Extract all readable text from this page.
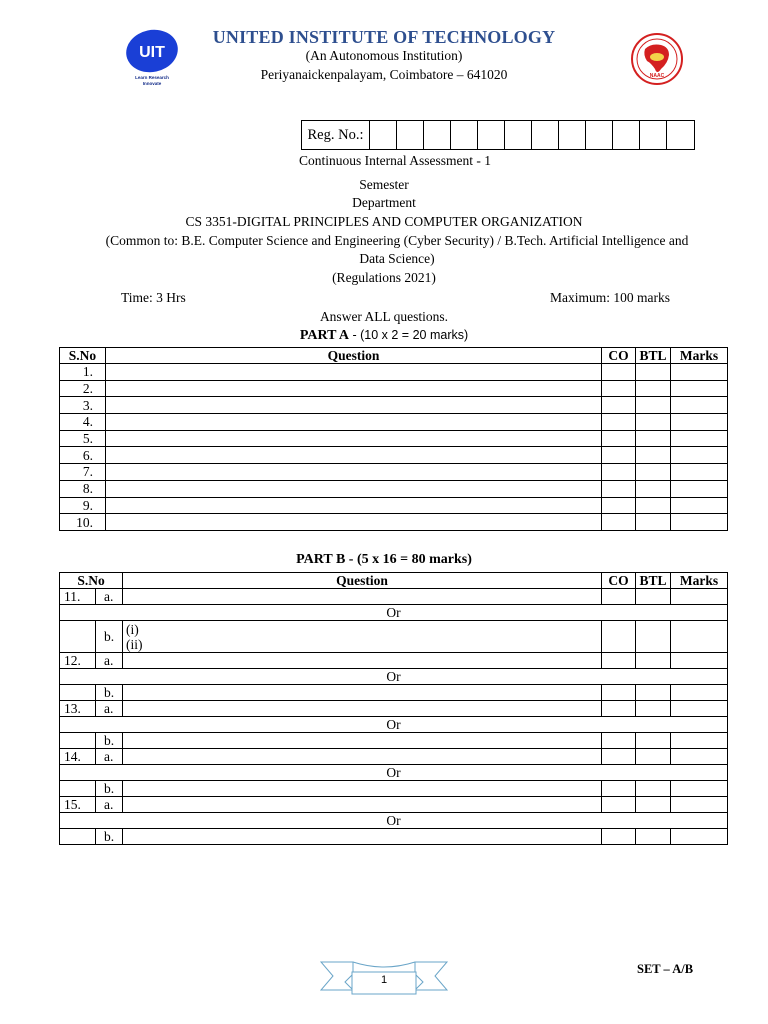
UIT
Learn Research
Innovate
UNITED INSTITUTE OF TECHNOLOGY
(An Autonomous Institution)
Periyanaickenpalayam, Coimbatore – 641020	NAAC
Reg. No.:
Continuous Internal Assessment - 1
Semester
Department
CS 3351-DIGITAL PRINCIPLES AND COMPUTER ORGANIZATION
(Common to: B.E. Computer Science and Engineering (Cyber Security) / B.Tech. Artificial Intelligence and Data Science)
(Regulations 2021)
Time: 3 Hrs	Maximum: 100 marks
Answer ALL questions.
PART A - (10 x 2 = 20 marks)
S.No	Question	CO	BTL	Marks
1.				
2.				
3.				
4.				
5.				
6.				
7.				
8.				
9.				
10.				
PART B - (5 x 16 = 80 marks)
S.No		Question	CO	BTL	Marks
11.	a.				
Or					
	b.	(i)
(ii)			
12.	a.				
Or					
	b.				
13.	a.				
Or					
	b.				
14.	a.				
Or					
	b.				
15.	a.				
Or					
	b.				
1
SET – A/B
